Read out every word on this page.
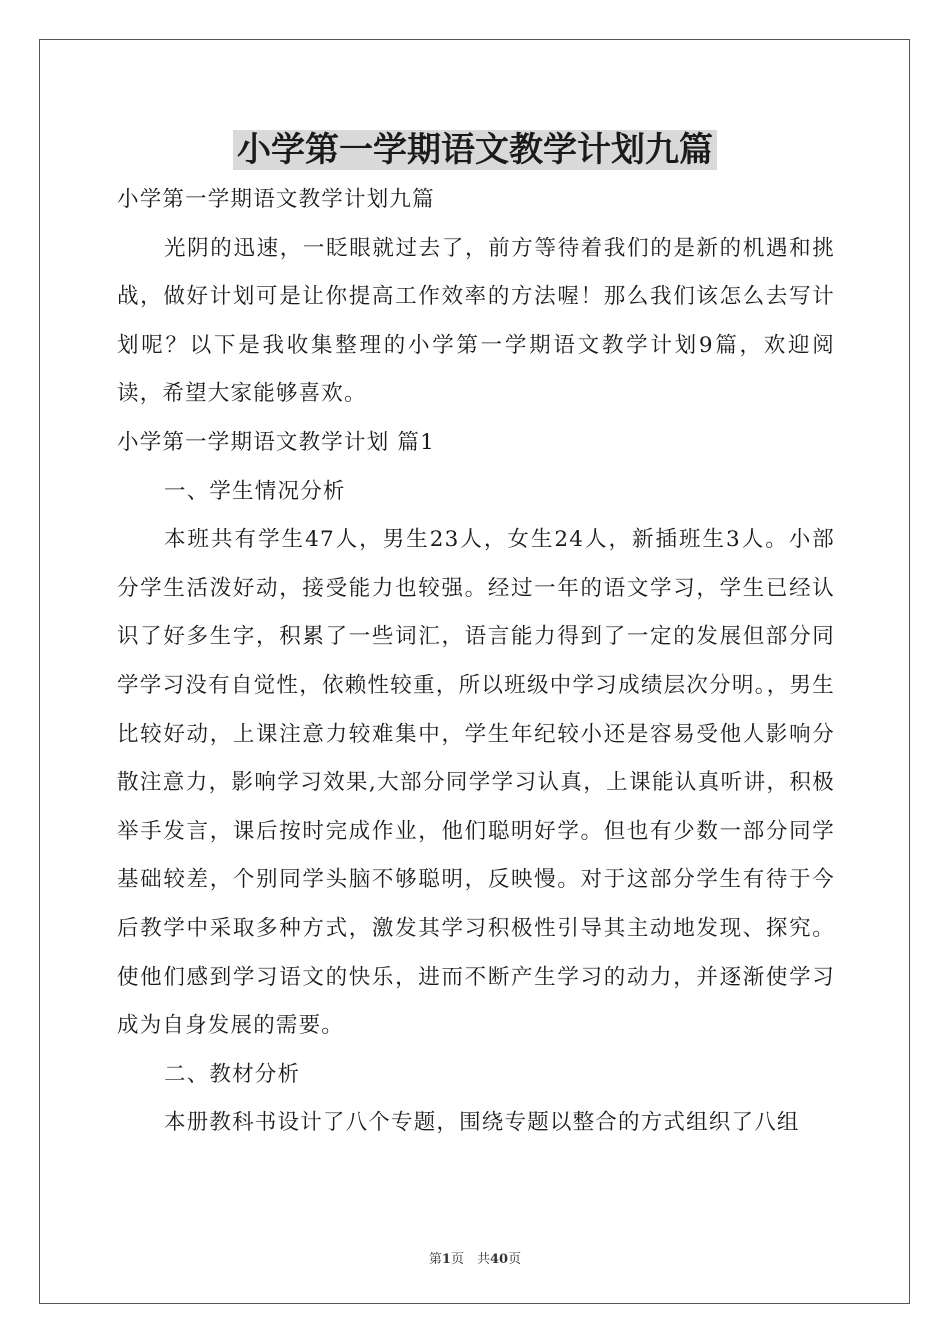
小学第一学期语文教学计划九篇

小学第一学期语文教学计划九篇

光阴的迅速，一眨眼就过去了，前方等待着我们的是新的机遇和挑战，做好计划可是让你提高工作效率的方法喔！那么我们该怎么去写计划呢？以下是我收集整理的小学第一学期语文教学计划9篇，欢迎阅读，希望大家能够喜欢。

小学第一学期语文教学计划 篇1

一、学生情况分析

本班共有学生47人，男生23人，女生24人，新插班生3人。小部分学生活泼好动，接受能力也较强。经过一年的语文学习，学生已经认识了好多生字，积累了一些词汇，语言能力得到了一定的发展但部分同学学习没有自觉性，依赖性较重，所以班级中学习成绩层次分明。，男生比较好动，上课注意力较难集中，学生年纪较小还是容易受他人影响分散注意力，影响学习效果,大部分同学学习认真，上课能认真听讲，积极举手发言，课后按时完成作业，他们聪明好学。但也有少数一部分同学基础较差，个别同学头脑不够聪明，反映慢。对于这部分学生有待于今后教学中采取多种方式，激发其学习积极性引导其主动地发现、探究。使他们感到学习语文的快乐，进而不断产生学习的动力，并逐渐使学习成为自身发展的需要。

二、教材分析

本册教科书设计了八个专题，围绕专题以整合的方式组织了八组

第1页　共40页
